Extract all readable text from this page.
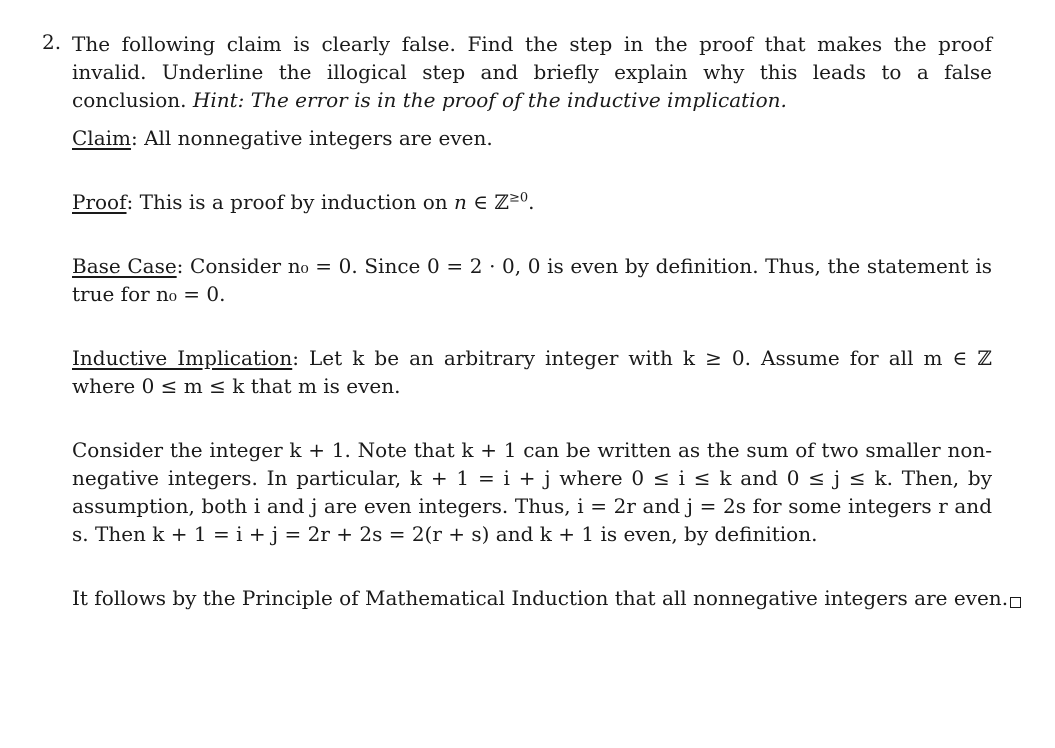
2. The following claim is clearly false. Find the step in the proof that makes the proof invalid. Underline the illogical step and briefly explain why this leads to a false conclusion. Hint: The error is in the proof of the inductive implication.

Claim: All nonnegative integers are even.

Proof: This is a proof by induction on n ∈ ℤ$^{\ge 0}$.

Base Case: Consider n₀ = 0. Since 0 = 2 · 0, 0 is even by definition. Thus, the statement is true for n₀ = 0.

Inductive Implication: Let k be an arbitrary integer with k ≥ 0. Assume for all m ∈ ℤ where 0 ≤ m ≤ k that m is even.

Consider the integer k + 1. Note that k + 1 can be written as the sum of two smaller non-negative integers. In particular, k + 1 = i + j where 0 ≤ i ≤ k and 0 ≤ j ≤ k. Then, by assumption, both i and j are even integers. Thus, i = 2r and j = 2s for some integers r and s. Then k + 1 = i + j = 2r + 2s = 2(r + s) and k + 1 is even, by definition.

It follows by the Principle of Mathematical Induction that all nonnegative integers are even.
